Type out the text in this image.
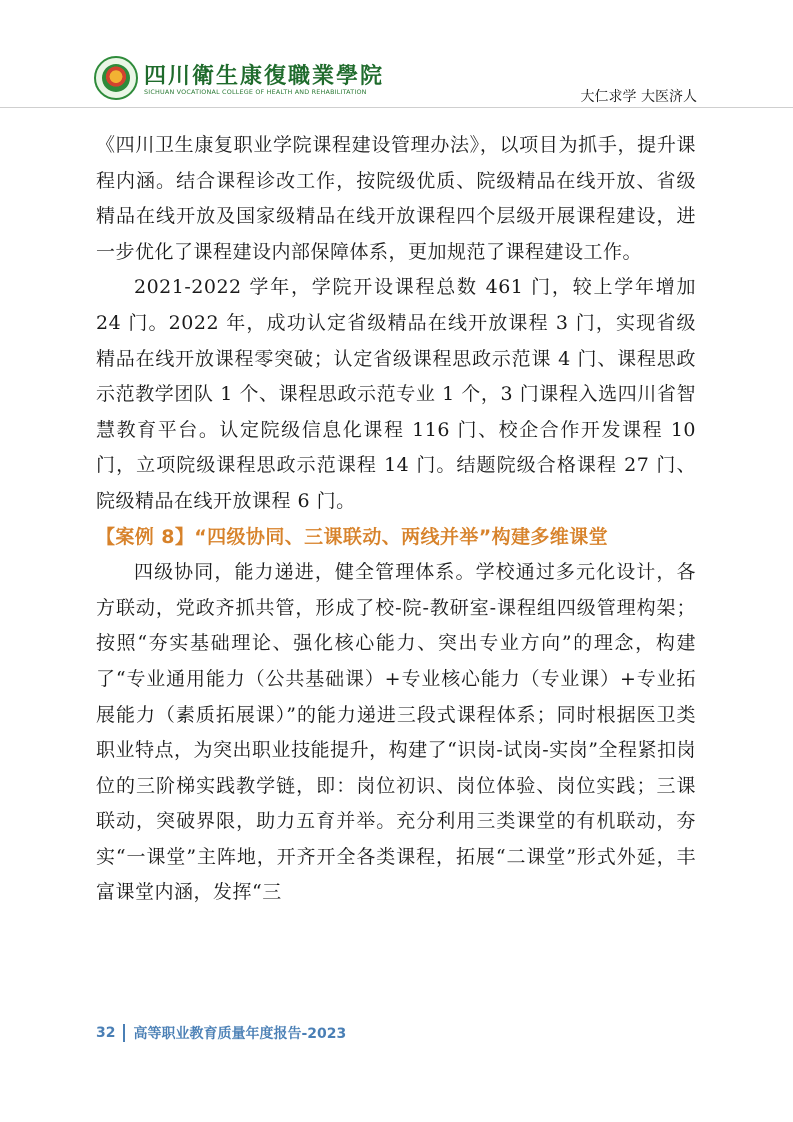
四川衛生康復職業學院
SICHUAN VOCATIONAL COLLEGE OF HEALTH AND REHABILITATION	大仁求学 大医济人

《四川卫生康复职业学院课程建设管理办法》，以项目为抓手，提升课程内涵。结合课程诊改工作，按院级优质、院级精品在线开放、省级精品在线开放及国家级精品在线开放课程四个层级开展课程建设，进一步优化了课程建设内部保障体系，更加规范了课程建设工作。

2021-2022 学年，学院开设课程总数 461 门，较上学年增加 24 门。2022 年，成功认定省级精品在线开放课程 3 门，实现省级精品在线开放课程零突破；认定省级课程思政示范课 4 门、课程思政示范教学团队 1 个、课程思政示范专业 1 个，3 门课程入选四川省智慧教育平台。认定院级信息化课程 116 门、校企合作开发课程 10 门，立项院级课程思政示范课程 14 门。结题院级合格课程 27 门、院级精品在线开放课程 6 门。

【案例 8】“四级协同、三课联动、两线并举”构建多维课堂

四级协同，能力递进，健全管理体系。学校通过多元化设计，各方联动，党政齐抓共管，形成了校-院-教研室-课程组四级管理构架；按照“夯实基础理论、强化核心能力、突出专业方向”的理念，构建了“专业通用能力（公共基础课）+专业核心能力（专业课）+专业拓展能力（素质拓展课）”的能力递进三段式课程体系；同时根据医卫类职业特点，为突出职业技能提升，构建了“识岗-试岗-实岗”全程紧扣岗位的三阶梯实践教学链，即：岗位初识、岗位体验、岗位实践；三课联动，突破界限，助力五育并举。充分利用三类课堂的有机联动，夯实“一课堂”主阵地，开齐开全各类课程，拓展“二课堂”形式外延，丰富课堂内涵，发挥“三

32 高等职业教育质量年度报告-2023
